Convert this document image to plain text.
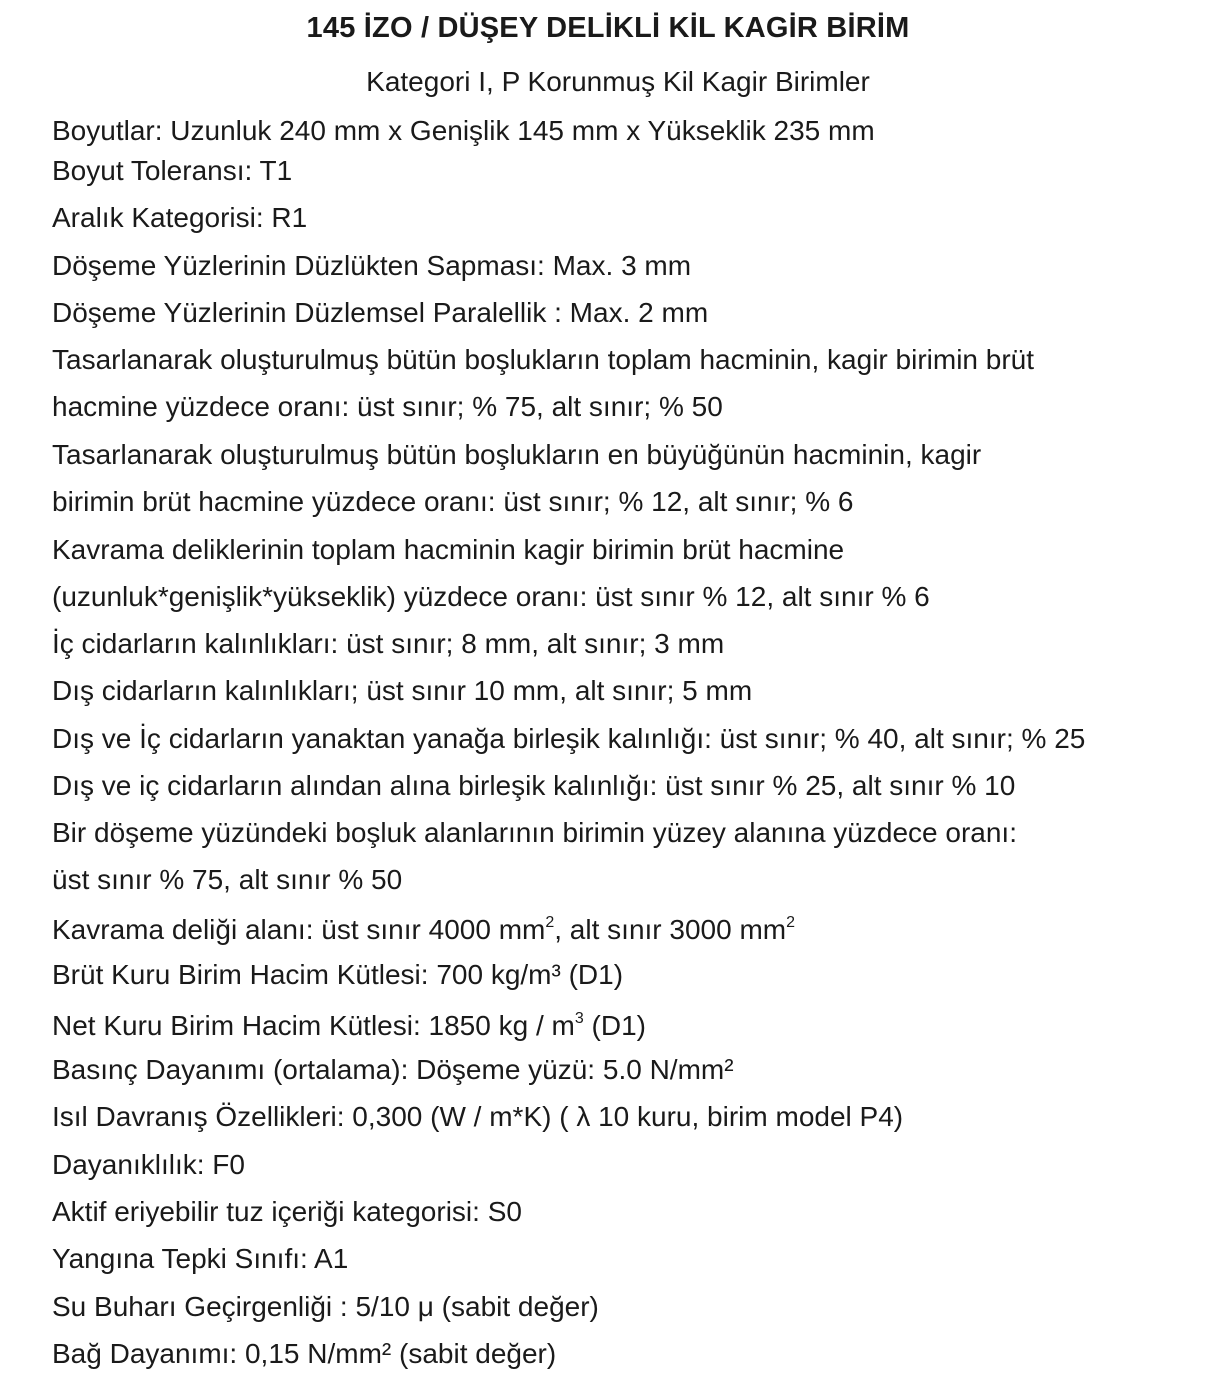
145 İZO / DÜŞEY DELİKLİ KİL KAGİR BİRİM
Kategori I, P Korunmuş Kil Kagir Birimler
Boyutlar: Uzunluk 240 mm x Genişlik 145 mm x Yükseklik 235 mm
Boyut Toleransı: T1
Aralık Kategorisi: R1
Döşeme Yüzlerinin Düzlükten Sapması: Max. 3 mm
Döşeme Yüzlerinin Düzlemsel Paralellik : Max. 2 mm
Tasarlanarak oluşturulmuş bütün boşlukların toplam hacminin, kagir birimin brüt
hacmine yüzdece oranı: üst sınır; % 75, alt sınır; % 50
Tasarlanarak oluşturulmuş bütün boşlukların en büyüğünün hacminin, kagir
birimin brüt hacmine yüzdece oranı: üst sınır; % 12, alt sınır; % 6
Kavrama deliklerinin toplam hacminin kagir birimin brüt hacmine
(uzunluk*genişlik*yükseklik) yüzdece oranı: üst sınır % 12, alt sınır % 6
İç cidarların kalınlıkları: üst sınır; 8 mm, alt sınır; 3 mm
Dış cidarların kalınlıkları; üst sınır 10 mm, alt sınır; 5 mm
Dış ve İç cidarların yanaktan yanağa birleşik kalınlığı: üst sınır; % 40, alt sınır; % 25
Dış ve iç cidarların alından alına birleşik kalınlığı: üst sınır % 25, alt sınır % 10
Bir döşeme yüzündeki boşluk alanlarının birimin yüzey alanına yüzdece oranı:
üst sınır % 75, alt sınır % 50
Kavrama deliği alanı: üst sınır 4000 $mm^2$, alt sınır 3000 $mm^2$
Brüt Kuru Birim Hacim Kütlesi: 700 kg/m³ (D1)
Net Kuru Birim Hacim Kütlesi: 1850 kg / $m^3$ (D1)
Basınç Dayanımı (ortalama): Döşeme yüzü: 5.0 N/mm²
Isıl Davranış Özellikleri: 0,300 (W / m*K) ( λ 10 kuru, birim model P4)
Dayanıklılık: F0
Aktif eriyebilir tuz içeriği kategorisi: S0
Yangına Tepki Sınıfı: A1
Su Buharı Geçirgenliği : 5/10 μ (sabit değer)
Bağ Dayanımı: 0,15 N/mm² (sabit değer)
